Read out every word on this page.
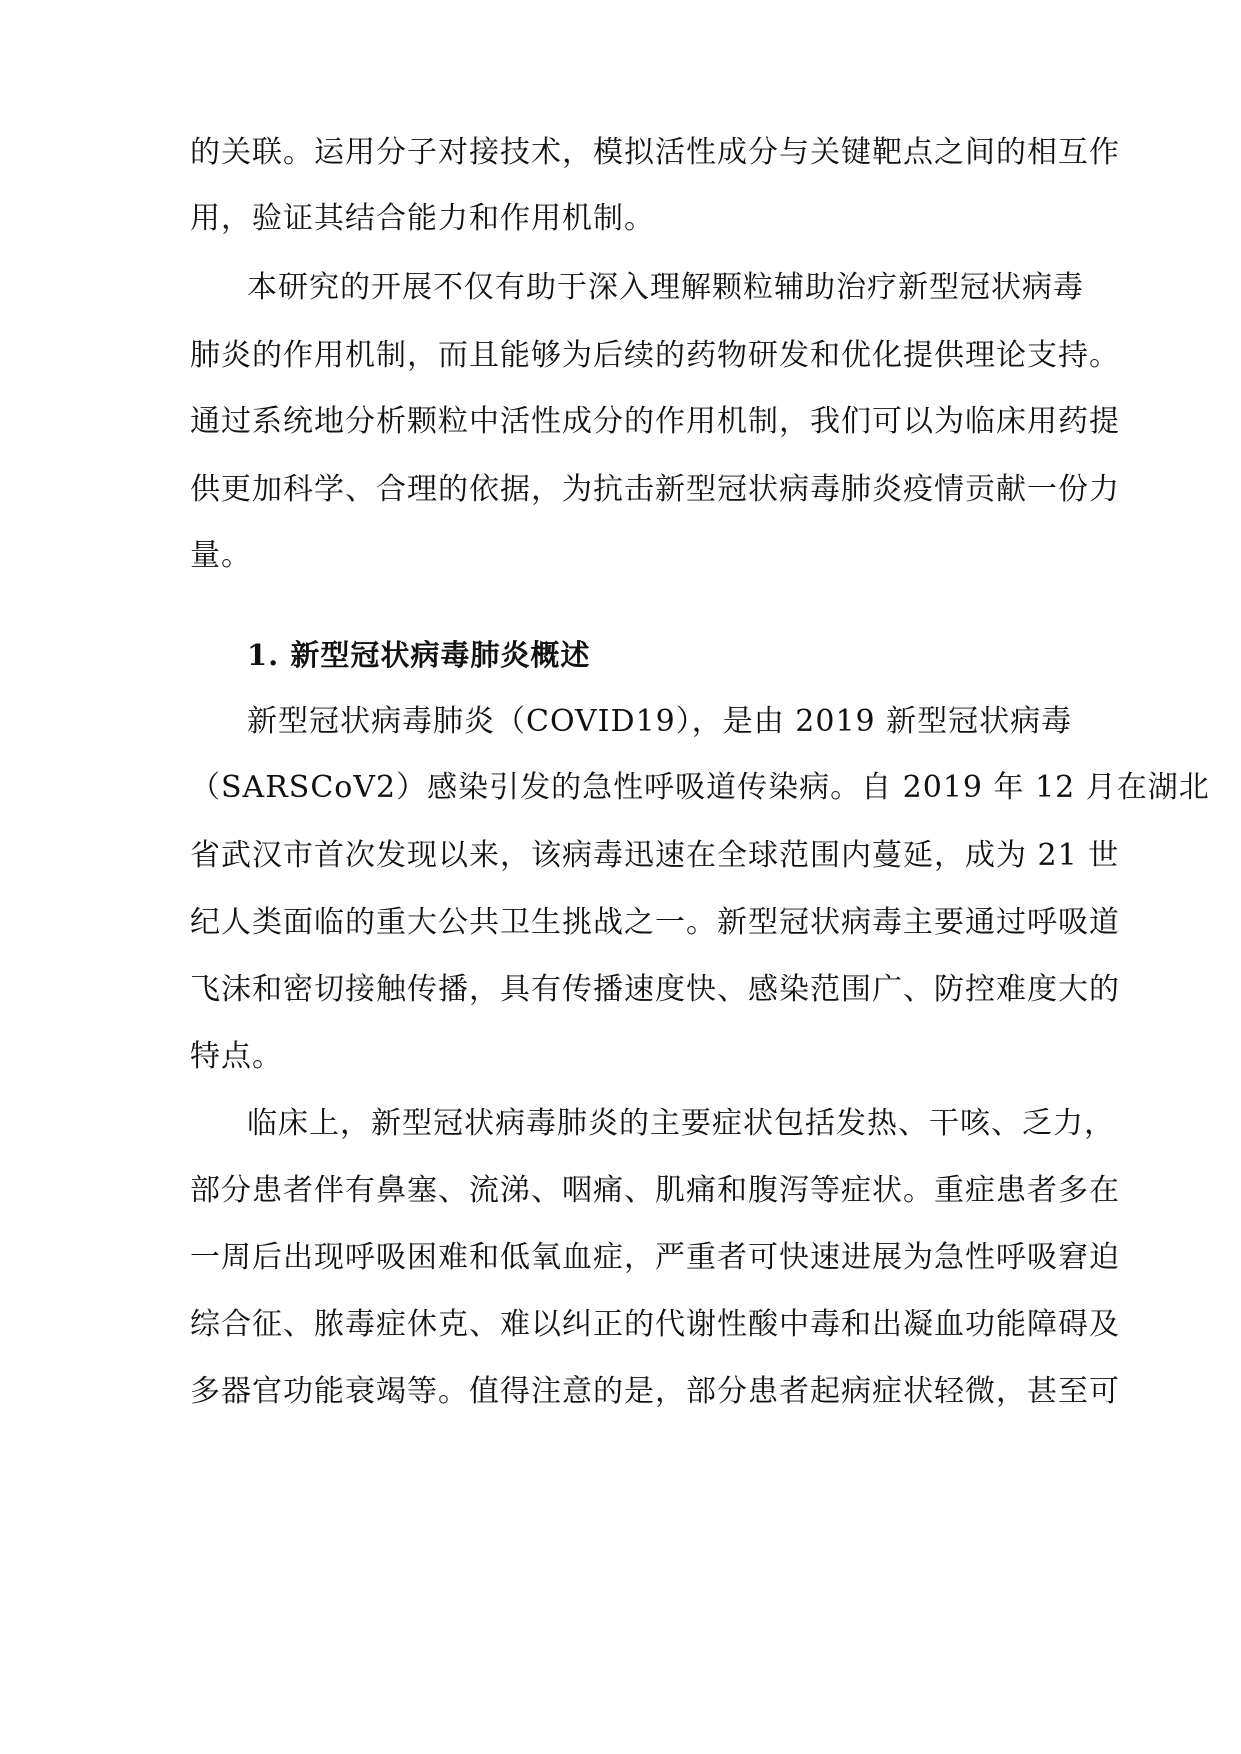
的关联。运用分子对接技术，模拟活性成分与关键靶点之间的相互作
用，验证其结合能力和作用机制。
本研究的开展不仅有助于深入理解颗粒辅助治疗新型冠状病毒
肺炎的作用机制，而且能够为后续的药物研发和优化提供理论支持。
通过系统地分析颗粒中活性成分的作用机制，我们可以为临床用药提
供更加科学、合理的依据，为抗击新型冠状病毒肺炎疫情贡献一份力
量。
1. 新型冠状病毒肺炎概述
新型冠状病毒肺炎（COVID19），是由 2019 新型冠状病毒
（SARSCoV2）感染引发的急性呼吸道传染病。自 2019 年 12 月在湖北
省武汉市首次发现以来，该病毒迅速在全球范围内蔓延，成为 21 世
纪人类面临的重大公共卫生挑战之一。新型冠状病毒主要通过呼吸道
飞沫和密切接触传播，具有传播速度快、感染范围广、防控难度大的
特点。
临床上，新型冠状病毒肺炎的主要症状包括发热、干咳、乏力，
部分患者伴有鼻塞、流涕、咽痛、肌痛和腹泻等症状。重症患者多在
一周后出现呼吸困难和低氧血症，严重者可快速进展为急性呼吸窘迫
综合征、脓毒症休克、难以纠正的代谢性酸中毒和出凝血功能障碍及
多器官功能衰竭等。值得注意的是，部分患者起病症状轻微，甚至可
